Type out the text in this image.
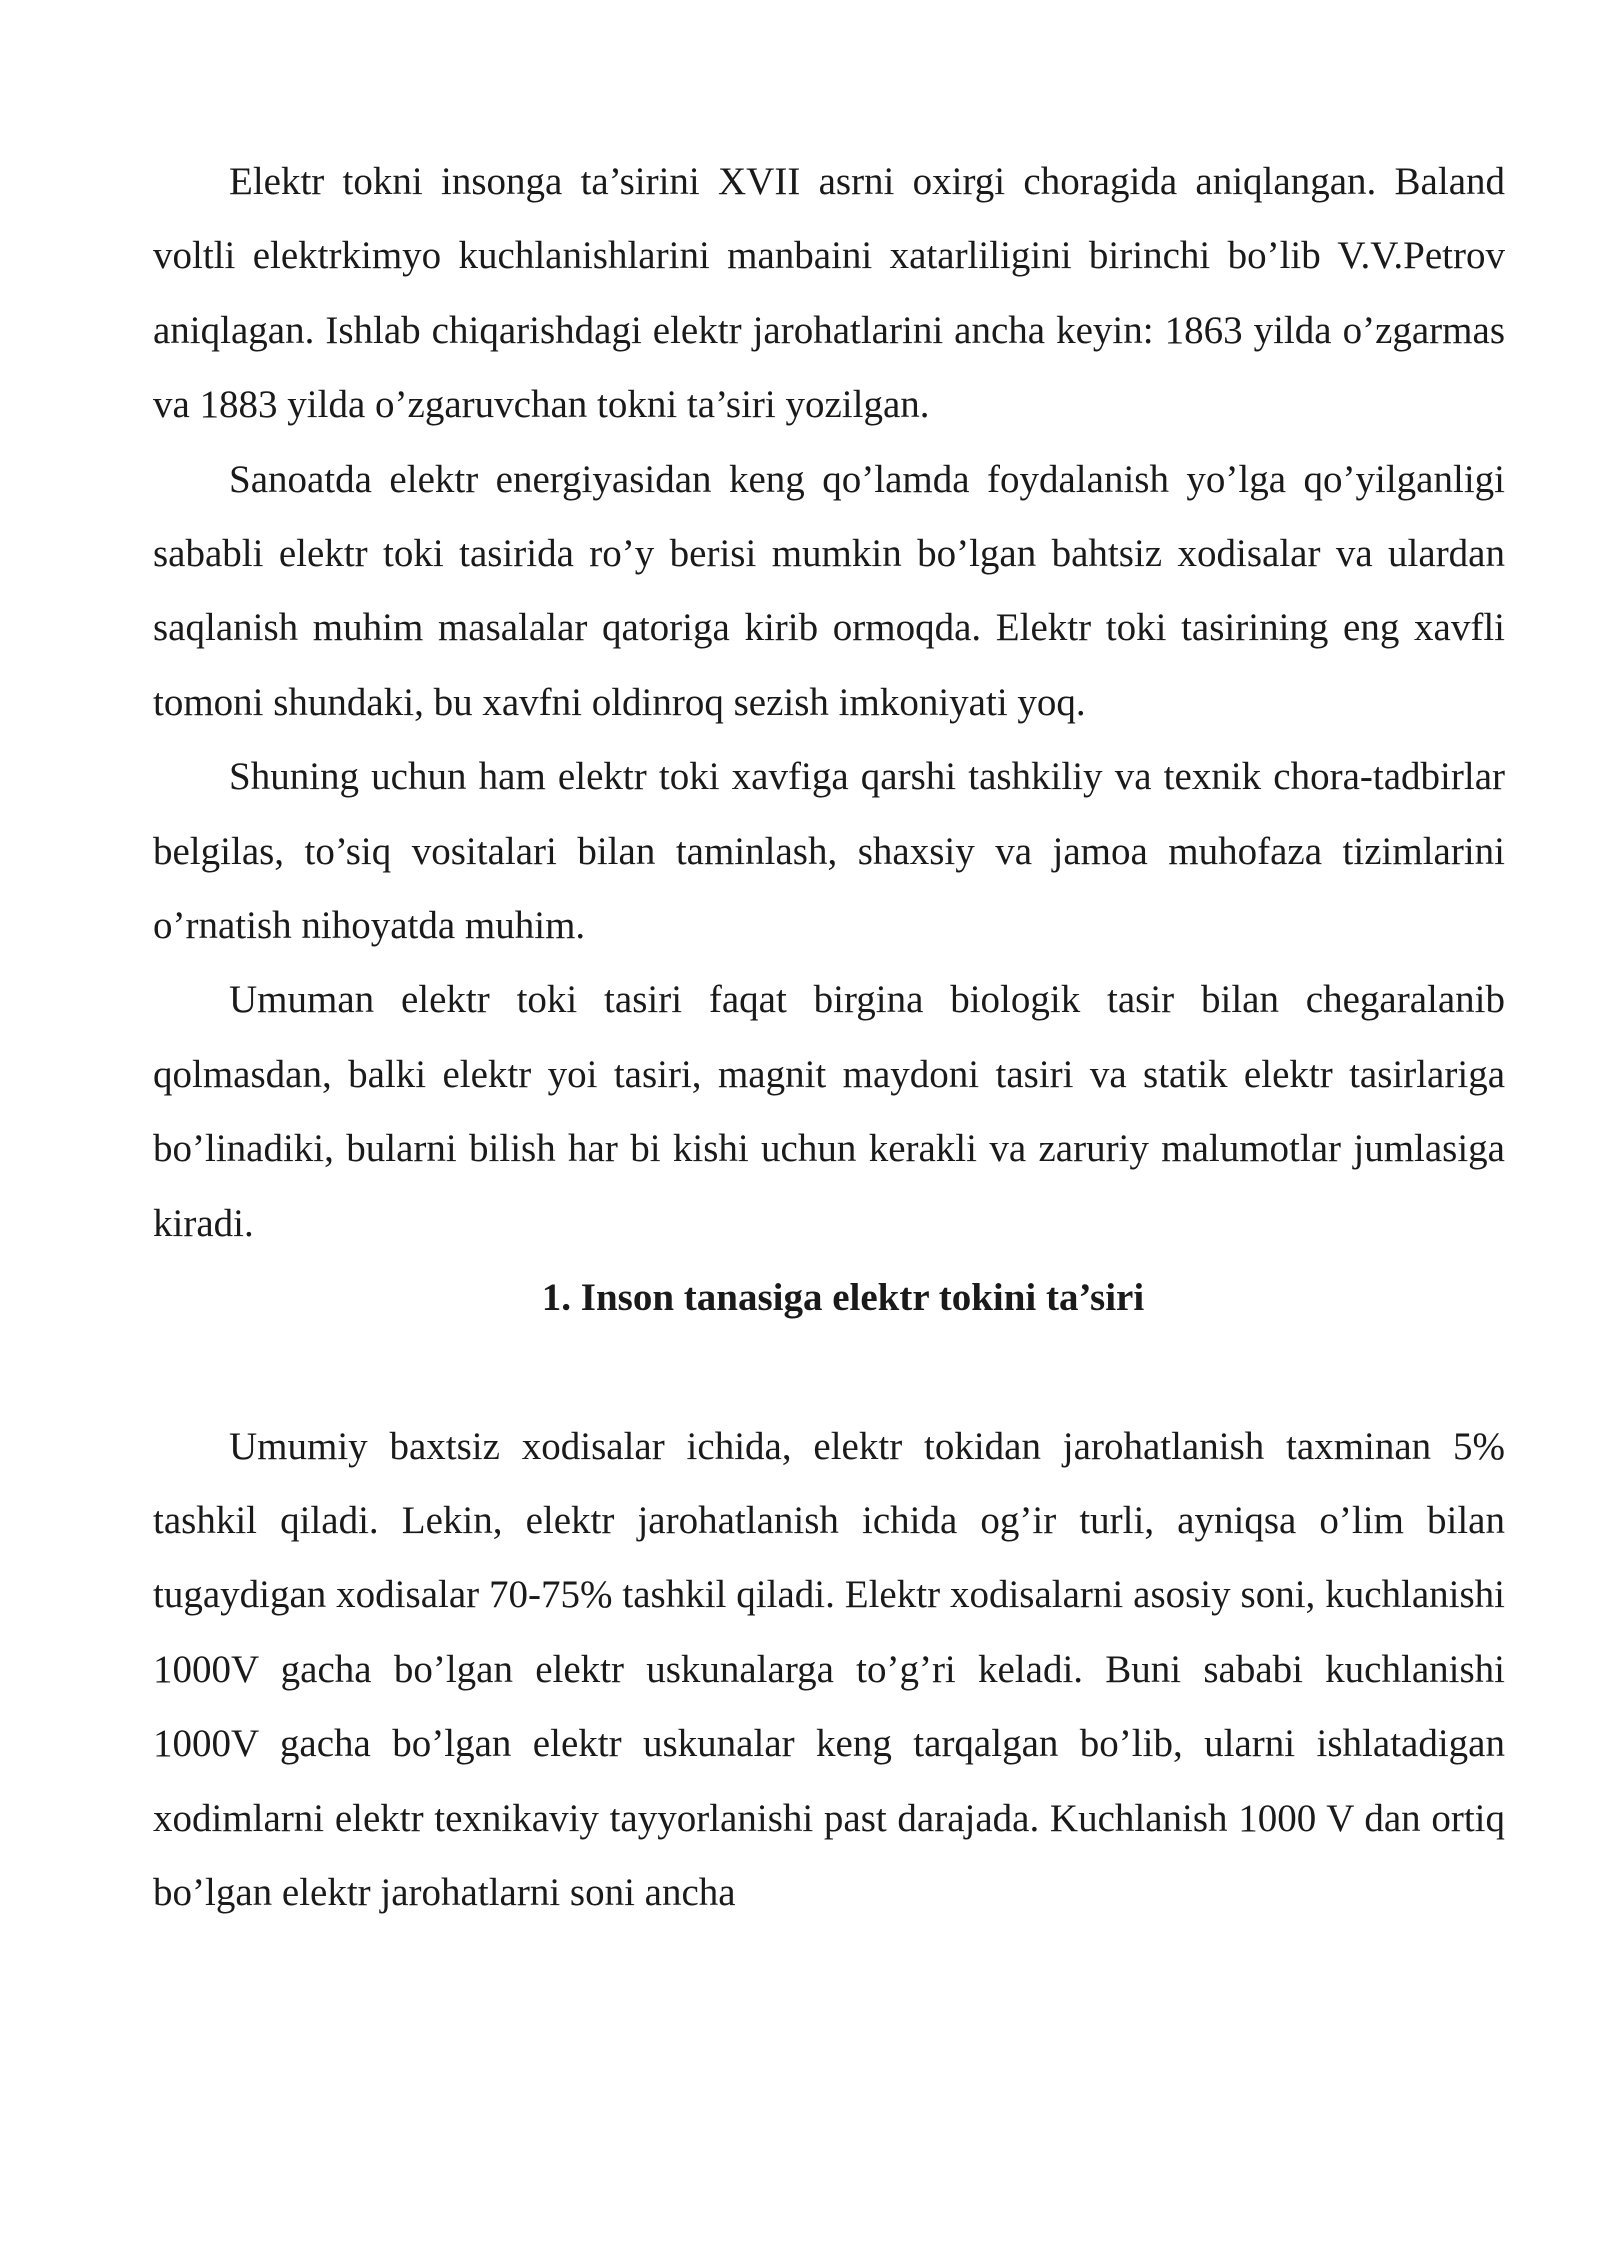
Elektr tokni insonga ta’sirini XVII asrni oxirgi choragida aniqlangan. Baland voltli elektrkimyo kuchlanishlarini manbaini xatarliligini birinchi bo’lib V.V.Petrov aniqlagan. Ishlab chiqarishdagi elektr jarohatlarini ancha keyin: 1863 yilda o’zgarmas va 1883 yilda o’zgaruvchan tokni ta’siri yozilgan.

Sanoatda elektr energiyasidan keng qo’lamda foydalanish yo’lga qo’yilganligi sababli elektr toki tasirida ro’y berisi mumkin bo’lgan bahtsiz xodisalar va ulardan saqlanish muhim masalalar qatoriga kirib ormoqda. Elektr toki tasirining eng xavfli tomoni shundaki, bu xavfni oldinroq sezish imkoniyati yoq.

Shuning uchun ham elektr toki xavfiga qarshi tashkiliy va texnik chora-tadbirlar belgilas, to’siq vositalari bilan taminlash, shaxsiy va jamoa muhofaza tizimlarini o’rnatish nihoyatda muhim.

Umuman elektr toki tasiri faqat birgina biologik tasir bilan chegaralanib qolmasdan, balki elektr yoi tasiri, magnit maydoni tasiri va statik elektr tasirlariga bo’linadiki, bularni bilish har bi kishi uchun kerakli va zaruriy malumotlar jumlasiga kiradi.

1. Inson tanasiga elektr tokini ta’siri

Umumiy baxtsiz xodisalar ichida, elektr tokidan jarohatlanish taxminan 5% tashkil qiladi. Lekin, elektr jarohatlanish ichida og’ir turli, ayniqsa o’lim bilan tugaydigan xodisalar 70-75% tashkil qiladi. Elektr xodisalarni asosiy soni, kuchlanishi 1000V gacha bo’lgan elektr uskunalarga to’g’ri keladi. Buni sababi kuchlanishi 1000V gacha bo’lgan elektr uskunalar keng tarqalgan bo’lib, ularni ishlatadigan xodimlarni elektr texnikaviy tayyorlanishi past darajada. Kuchlanish 1000 V dan ortiq bo’lgan elektr jarohatlarni soni ancha
